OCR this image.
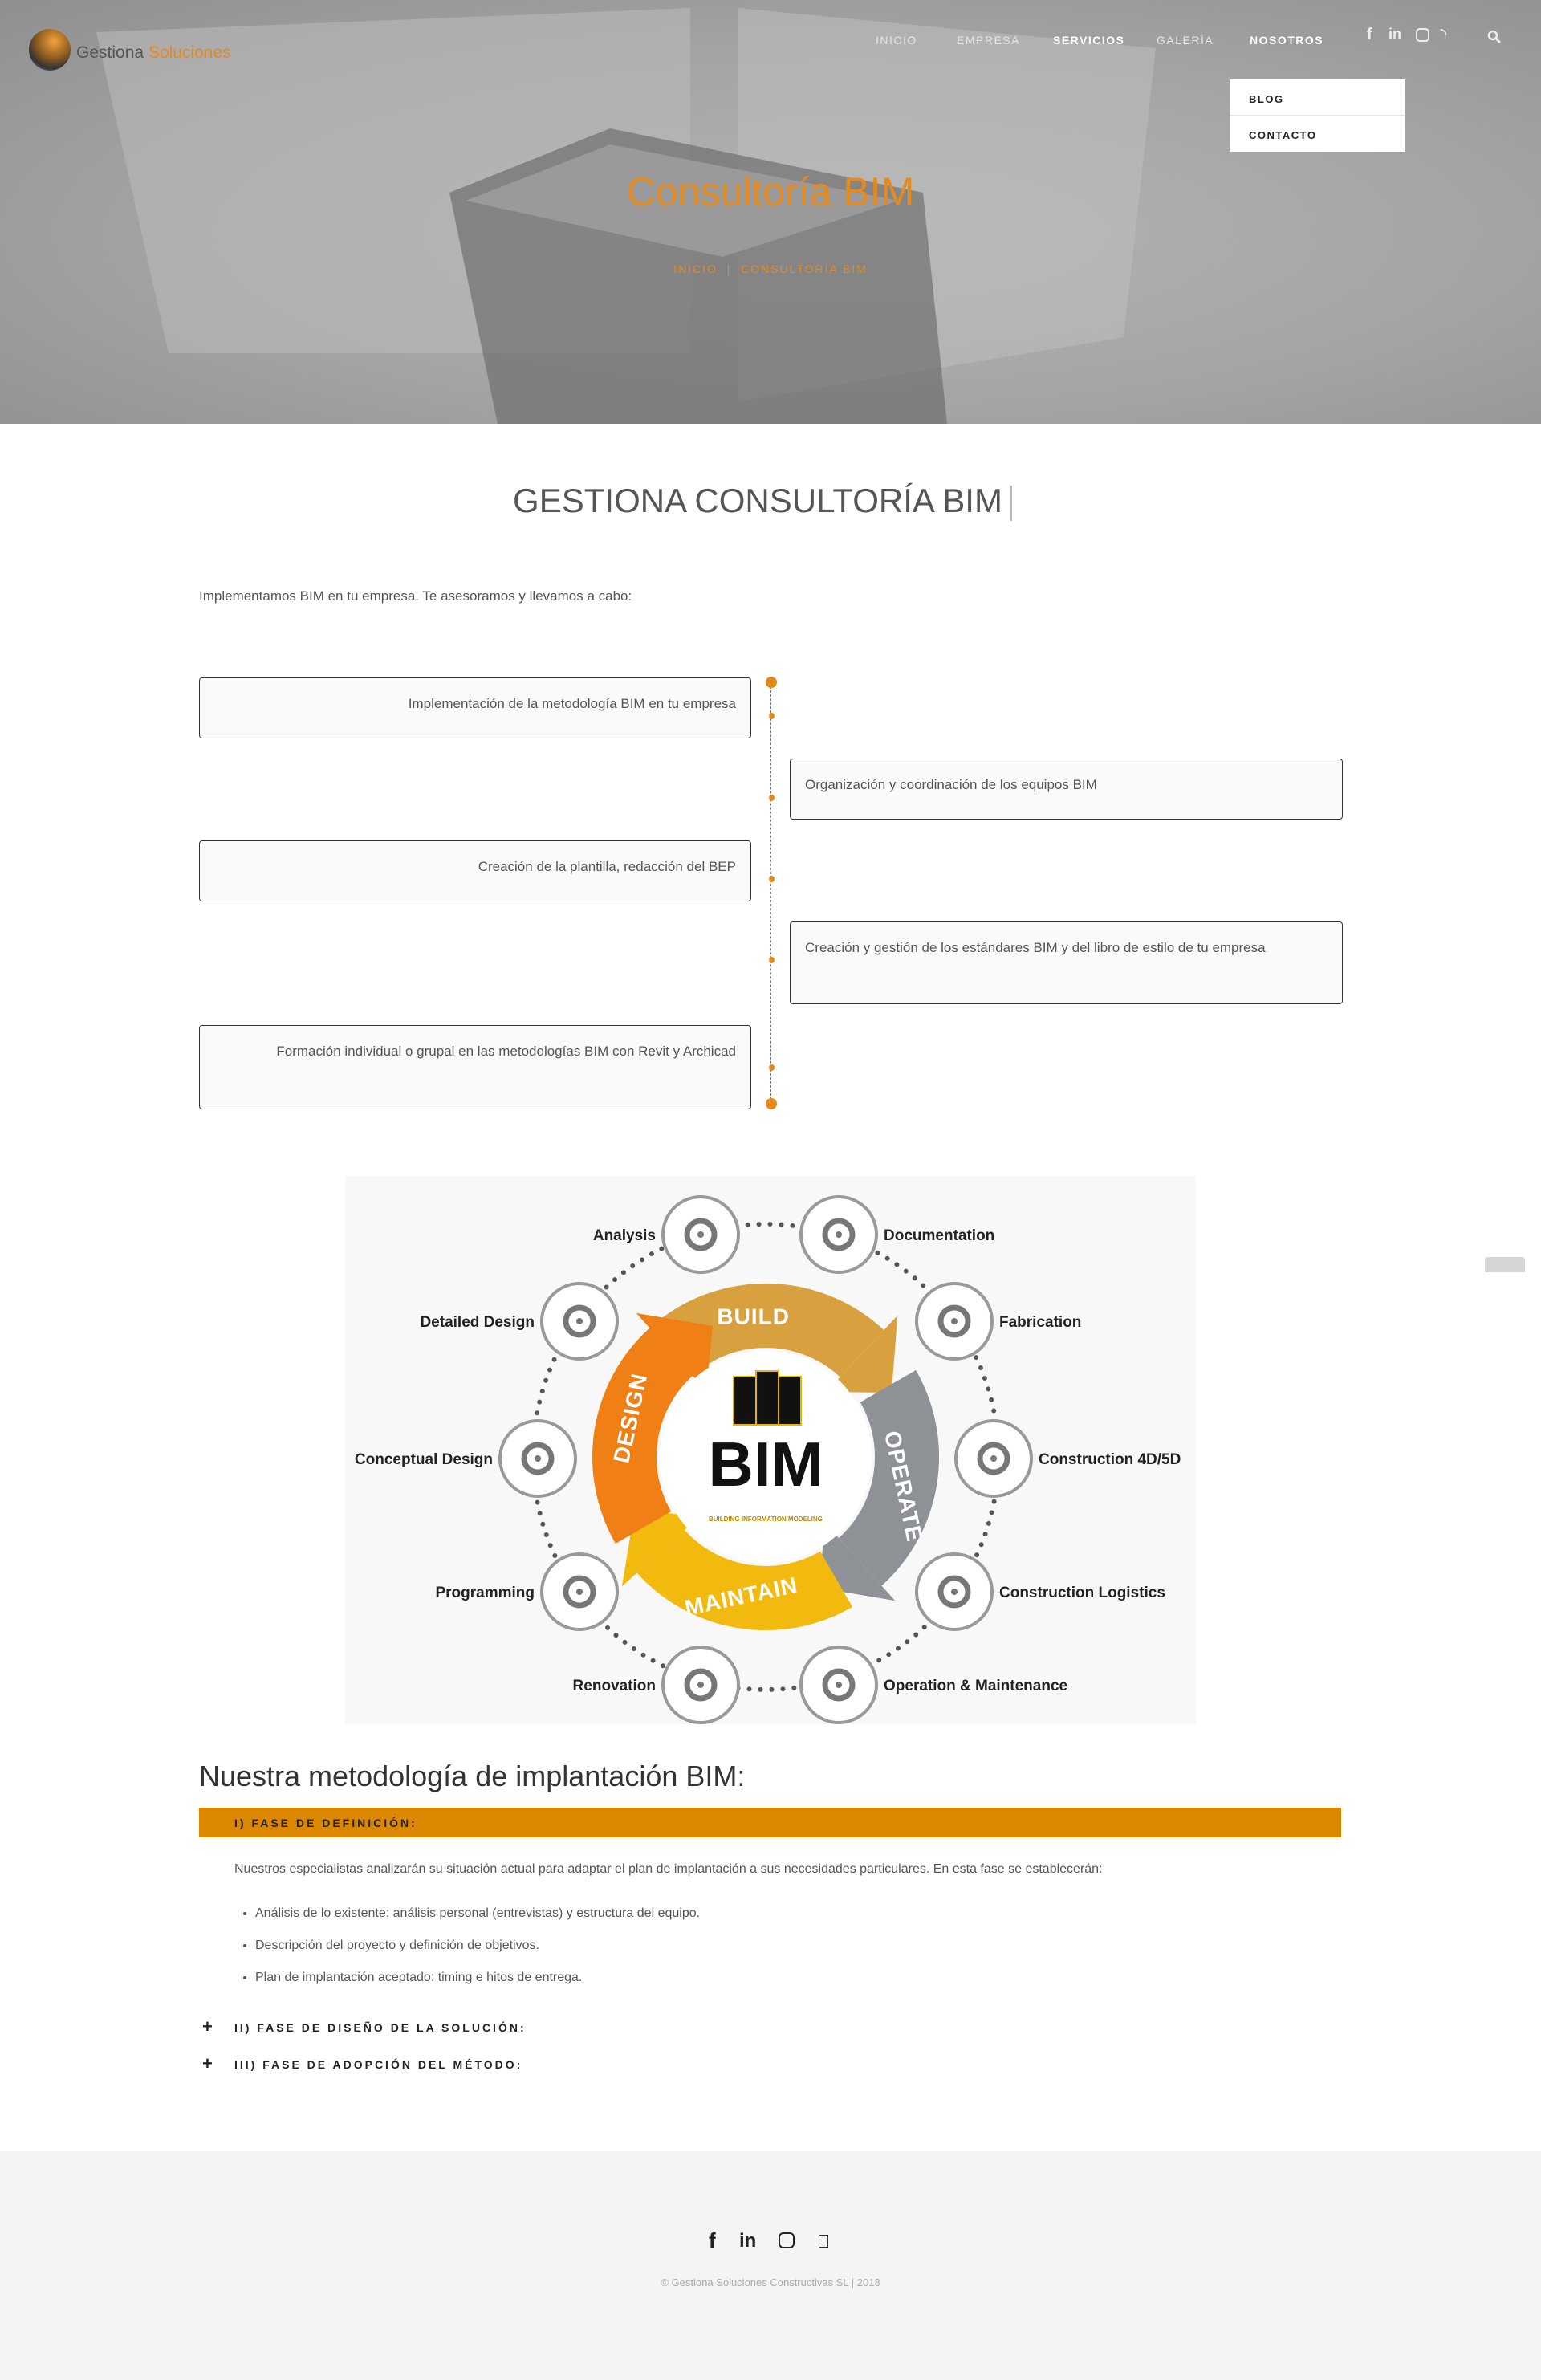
Gestiona Soluciones
INICIO	EMPRESA	SERVICIOS	GALERÍA	NOSOTROS	f in	◝
BLOG
CONTACTO
Consultoría BIM
INICIO  |  CONSULTORÍA BIM
GESTIONA CONSULTORÍA BIM
Implementamos BIM en tu empresa. Te asesoramos y llevamos a cabo:
Implementación de la metodología BIM en tu empresa
Organización y coordinación de los equipos BIM
Creación de la plantilla, redacción del BEP
Creación y gestión de los estándares BIM y del libro de estilo de tu empresa
Formación individual o grupal en las metodologías BIM con Revit y Archicad
BUILD
OPERATE
MAINTAIN
DESIGN BIM
BUILDING INFORMATION MODELING
Analysis	Documentation
Fabrication
Construction 4D/5D
Construction Logistics
Operation & Maintenance
Renovation
Programming
Conceptual Design
Detailed Design
Nuestra metodología de implantación BIM:
I) FASE DE DEFINICIÓN:
Nuestros especialistas analizarán su situación actual para adaptar el plan de implantación a sus necesidades particulares. En esta fase se establecerán:
• Análisis de lo existente: análisis personal (entrevistas) y estructura del equipo.
• Descripción del proyecto y definición de objetivos.
• Plan de implantación aceptado: timing e hitos de entrega.
+ II) FASE DE DISEÑO DE LA SOLUCIÓN:
+ III) FASE DE ADOPCIÓN DEL MÉTODO:
f in
© Gestiona Soluciones Constructivas SL | 2018
